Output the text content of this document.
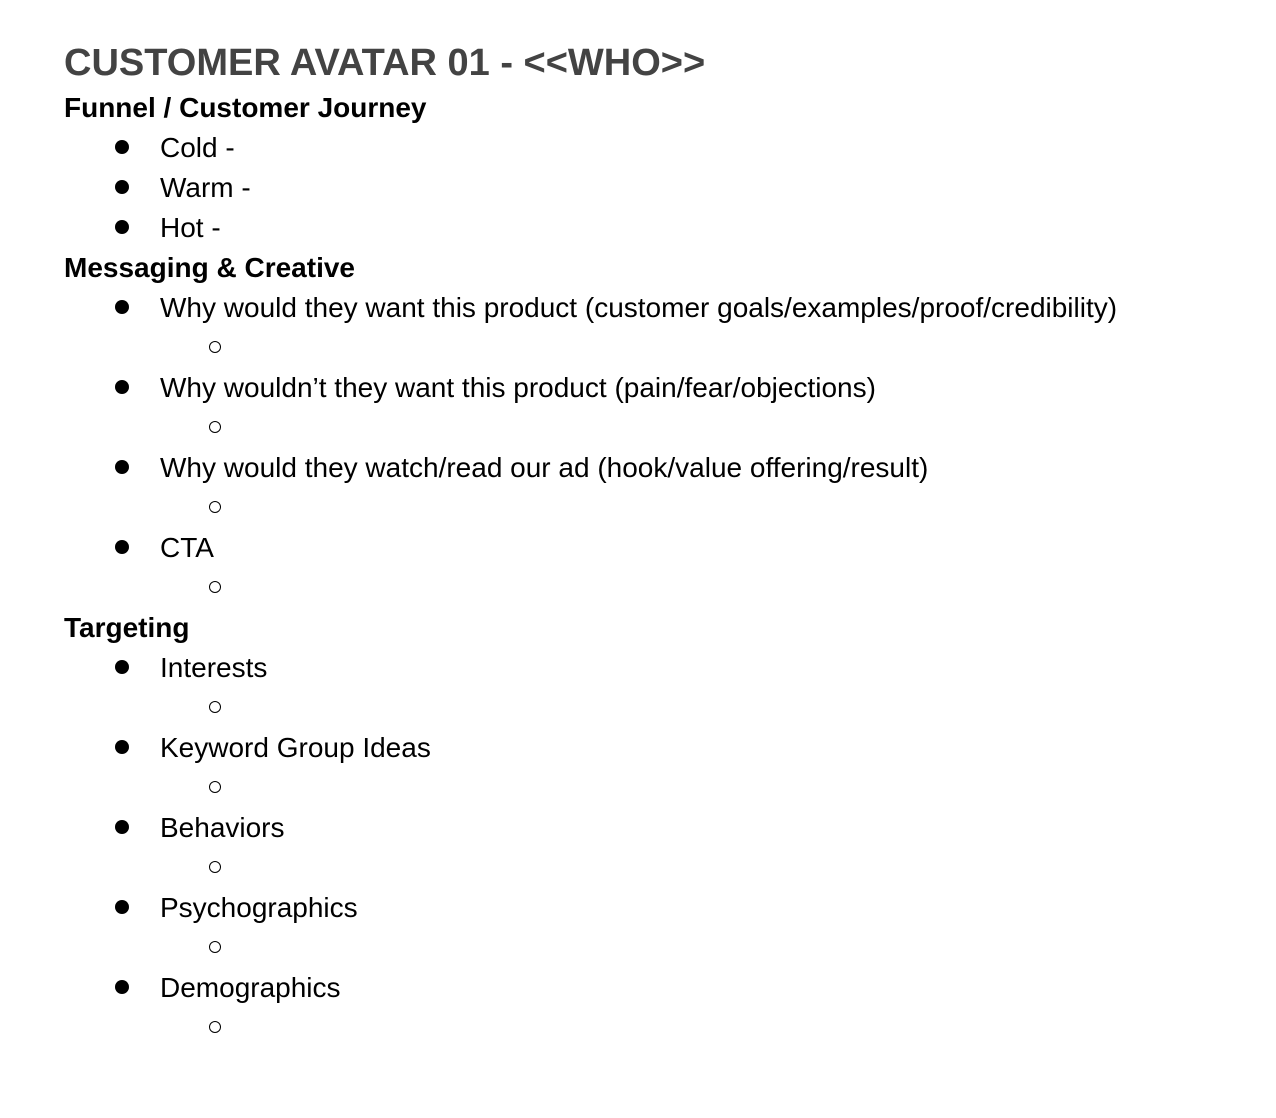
CUSTOMER AVATAR 01 - <<WHO>>
Funnel / Customer Journey
Cold -
Warm -
Hot -
Messaging & Creative
Why would they want this product (customer goals/examples/proof/credibility)
Why wouldn’t they want this product (pain/fear/objections)
Why would they watch/read our ad (hook/value offering/result)
CTA
Targeting
Interests
Keyword Group Ideas
Behaviors
Psychographics
Demographics
